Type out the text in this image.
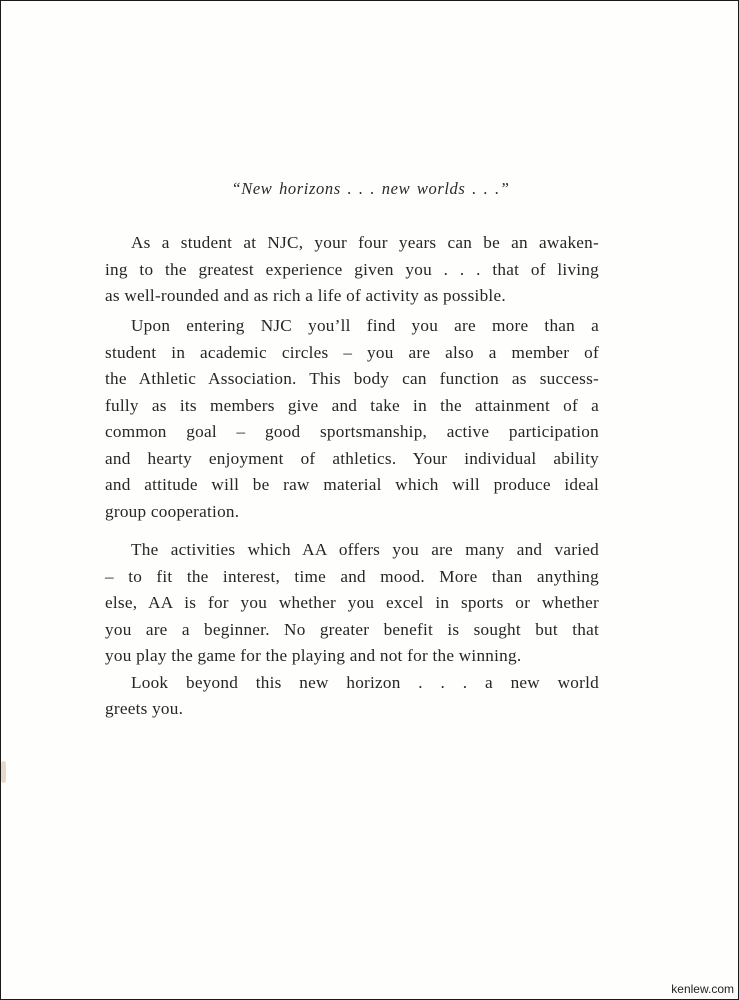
“New horizons . . . new worlds . . .”
As a student at NJC, your four years can be an awaken-
ing to the greatest experience given you . . . that of living
as well-rounded and as rich a life of activity as possible.
Upon entering NJC you’ll find you are more than a
student in academic circles – you are also a member of
the Athletic Association. This body can function as success-
fully as its members give and take in the attainment of a
common goal – good sportsmanship, active participation
and hearty enjoyment of athletics. Your individual ability
and attitude will be raw material which will produce ideal
group cooperation.
The activities which AA offers you are many and varied
– to fit the interest, time and mood. More than anything
else, AA is for you whether you excel in sports or whether
you are a beginner. No greater benefit is sought but that
you play the game for the playing and not for the winning.
Look beyond this new horizon . . . a new world
greets you.
kenlew.com
